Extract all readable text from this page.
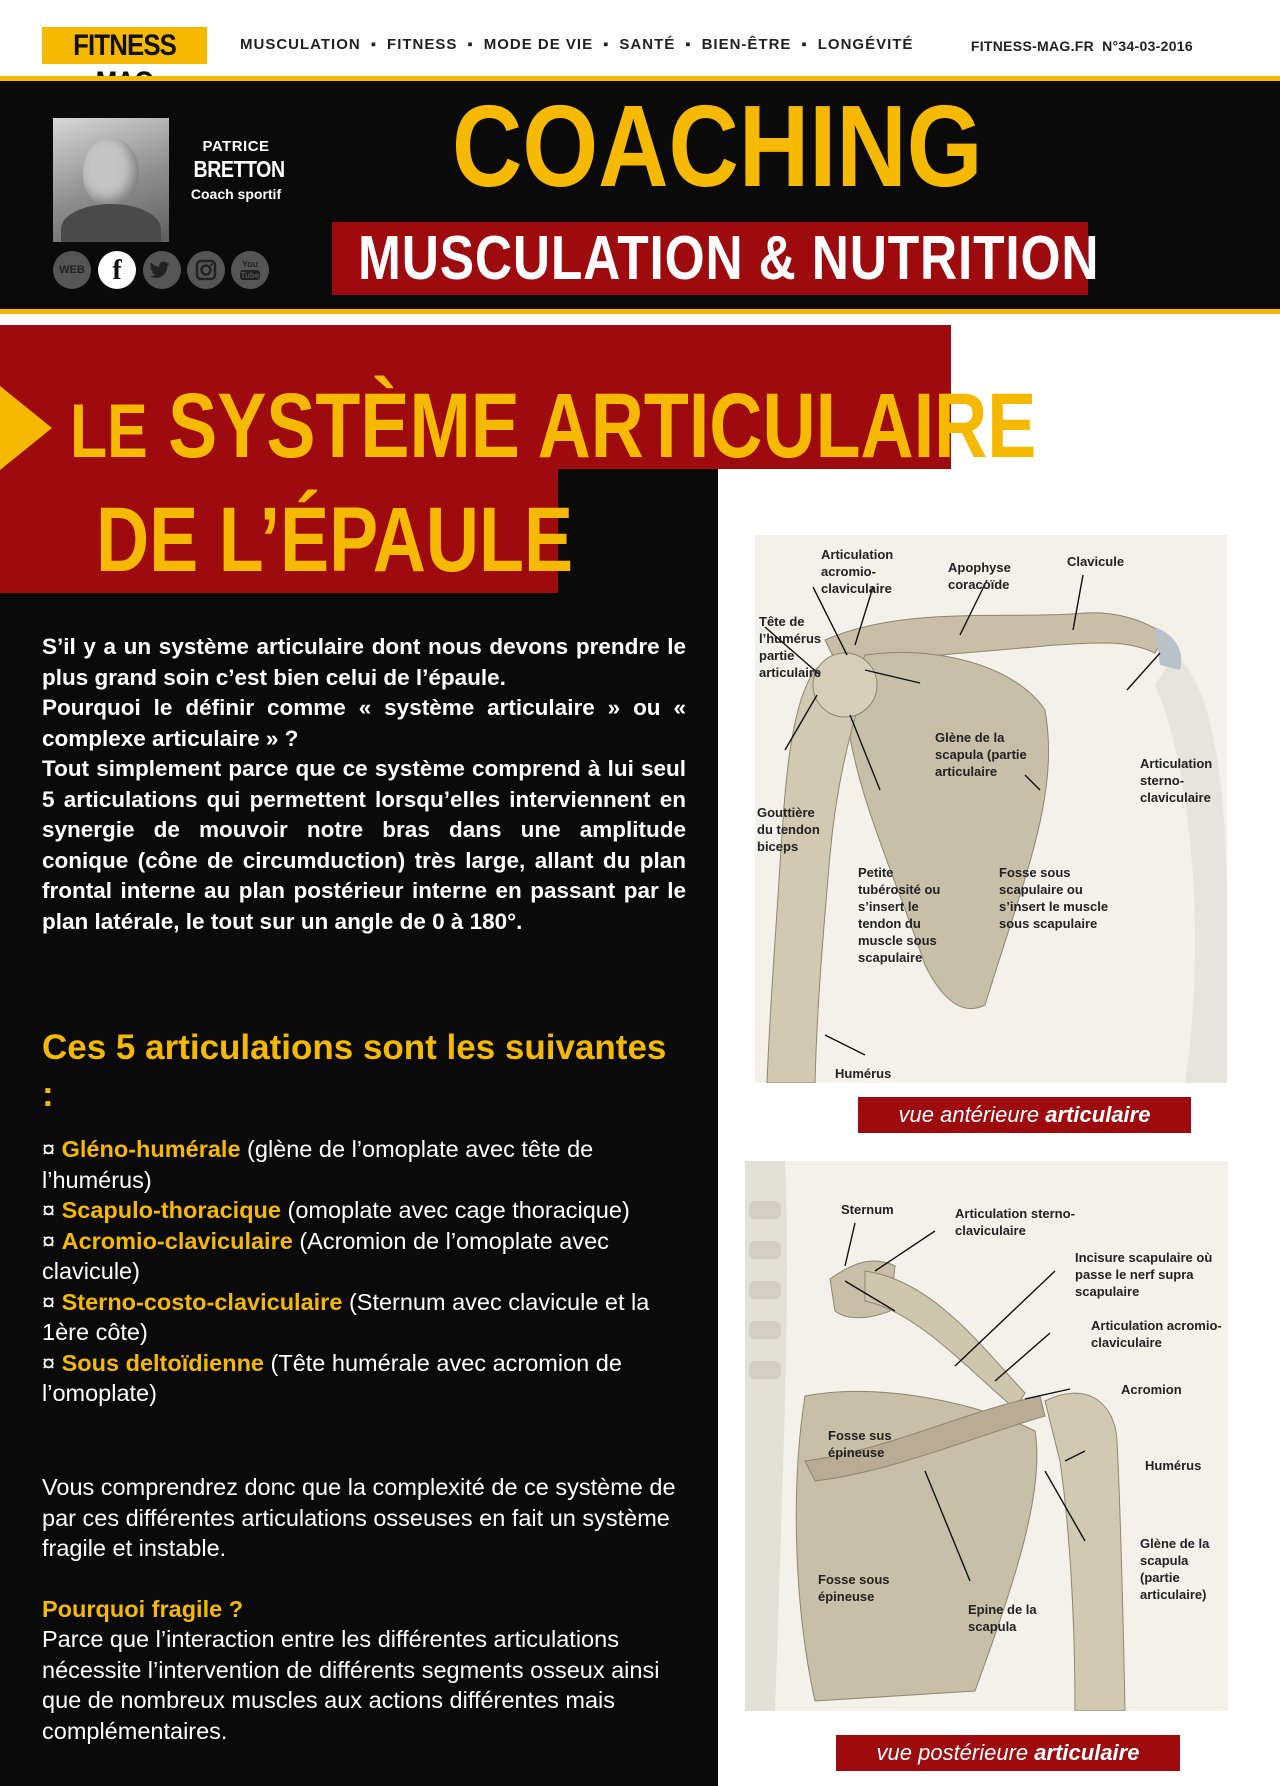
FITNESS	MUSCULATION ▪ FITNESS ▪ MODE DE VIE ▪ SANTÉ ▪ BIEN-ÊTRE ▪ LONGÉVITÉ	FITNESS-MAG.FR N°34-03-2016
PATRICE
BRETTON
Coach sportif
WEB f	You
Tube
COACHING
MUSCULATION & NUTRITION
LE SYSTÈME ARTICULAIRE
DE L’ÉPAULE

S’il y a un système articulaire dont nous devons prendre le plus grand soin c’est bien celui de l’épaule.

Pourquoi le définir comme « système articulaire » ou « complexe articulaire » ?

Tout simplement parce que ce système comprend à lui seul 5 articulations qui permettent lorsqu’elles interviennent en synergie de mouvoir notre bras dans une amplitude conique (cône de circumduction) très large, allant du plan frontal interne au plan postérieur interne en passant par le plan latérale, le tout sur un angle de 0 à 180°.

Ces 5 articulations sont les suivantes :
¤ Gléno-humérale (glène de l’omoplate avec tête de l’humérus)
¤ Scapulo-thoracique (omoplate avec cage thoracique)
¤ Acromio-claviculaire (Acromion de l’omoplate avec clavicule)
¤ Sterno-costo-claviculaire (Sternum avec clavicule et la 1ère côte)
¤ Sous deltoïdienne (Tête humérale avec acromion de l’omoplate)
Vous comprendrez donc que la complexité de ce système de par ces différentes articulations osseuses en fait un système fragile et instable.
Pourquoi fragile ?
Parce que l’interaction entre les différentes articulations nécessite l’intervention de différents segments osseux ainsi que de nombreux muscles aux actions différentes mais complémentaires.
Articulation acromio- claviculaire
Apophyse coracoïde
Clavicule
Tête de l’humérus partie articulaire
Glène de la scapula (partie articulaire
Articulation sterno- claviculaire
Gouttière du tendon biceps
Petite tubérosité ou s’insert le tendon du muscle sous scapulaire
Fosse sous scapulaire ou s’insert le muscle sous scapulaire
Humérus
vue antérieure articulaire
Sternum	Articulation sterno- claviculaire
Incisure scapulaire où passe le nerf supra scapulaire
Articulation acromio- claviculaire
Acromion
Fosse sus épineuse
Humérus
Glène de la scapula (partie articulaire)
Fosse sous épineuse
Epine de la scapula
vue postérieure articulaire
